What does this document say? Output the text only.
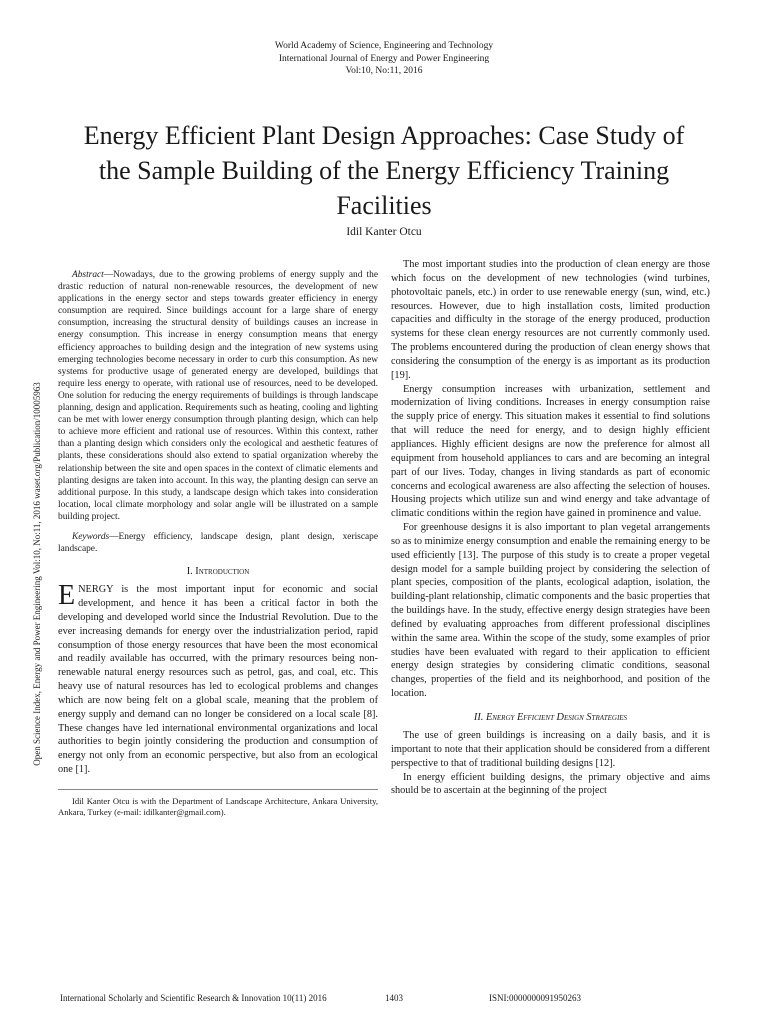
World Academy of Science, Engineering and Technology
International Journal of Energy and Power Engineering
Vol:10, No:11, 2016
Energy Efficient Plant Design Approaches: Case Study of the Sample Building of the Energy Efficiency Training Facilities
Idil Kanter Otcu
Open Science Index, Energy and Power Engineering Vol:10, No:11, 2016 waset.org/Publication/10005963

Abstract—Nowadays, due to the growing problems of energy supply and the drastic reduction of natural non-renewable resources, the development of new applications in the energy sector and steps towards greater efficiency in energy consumption are required. Since buildings account for a large share of energy consumption, increasing the structural density of buildings causes an increase in energy consumption. This increase in energy consumption means that energy efficiency approaches to building design and the integration of new systems using emerging technologies become necessary in order to curb this consumption. As new systems for productive usage of generated energy are developed, buildings that require less energy to operate, with rational use of resources, need to be developed. One solution for reducing the energy requirements of buildings is through landscape planning, design and application. Requirements such as heating, cooling and lighting can be met with lower energy consumption through planting design, which can help to achieve more efficient and rational use of resources. Within this context, rather than a planting design which considers only the ecological and aesthetic features of plants, these considerations should also extend to spatial organization whereby the relationship between the site and open spaces in the context of climatic elements and planting designs are taken into account. In this way, the planting design can serve an additional purpose. In this study, a landscape design which takes into consideration location, local climate morphology and solar angle will be illustrated on a sample building project.

Keywords—Energy efficiency, landscape design, plant design, xeriscape landscape.

I. Introduction

ENERGY is the most important input for economic and social development, and hence it has been a critical factor in both the developing and developed world since the Industrial Revolution. Due to the ever increasing demands for energy over the industrialization period, rapid consumption of those energy resources that have been the most economical and readily available has occurred, with the primary resources being non-renewable natural energy resources such as petrol, gas, and coal, etc. This heavy use of natural resources has led to ecological problems and changes which are now being felt on a global scale, meaning that the problem of energy supply and demand can no longer be considered on a local scale [8]. These changes have led international environmental organizations and local authorities to begin jointly considering the production and consumption of energy not only from an economic perspective, but also from an ecological one [1].

Idil Kanter Otcu is with the Department of Landscape Architecture, Ankara University, Ankara, Turkey (e-mail: idilkanter@gmail.com).

The most important studies into the production of clean energy are those which focus on the development of new technologies (wind turbines, photovoltaic panels, etc.) in order to use renewable energy (sun, wind, etc.) resources. However, due to high installation costs, limited production capacities and difficulty in the storage of the energy produced, production systems for these clean energy resources are not currently commonly used. The problems encountered during the production of clean energy shows that considering the consumption of the energy is as important as its production [19].

Energy consumption increases with urbanization, settlement and modernization of living conditions. Increases in energy consumption raise the supply price of energy. This situation makes it essential to find solutions that will reduce the need for energy, and to design highly efficient appliances. Highly efficient designs are now the preference for almost all equipment from household appliances to cars and are becoming an integral part of our lives. Today, changes in living standards as part of economic concerns and ecological awareness are also affecting the selection of houses. Housing projects which utilize sun and wind energy and take advantage of climatic conditions within the region have gained in prominence and value.

For greenhouse designs it is also important to plan vegetal arrangements so as to minimize energy consumption and enable the remaining energy to be used efficiently [13]. The purpose of this study is to create a proper vegetal design model for a sample building project by considering the selection of plant species, composition of the plants, ecological adaption, isolation, the building-plant relationship, climatic components and the basic properties that the buildings have. In the study, effective energy design strategies have been defined by evaluating approaches from different professional disciplines within the same area. Within the scope of the study, some examples of prior studies have been evaluated with regard to their application to efficient energy design strategies by considering climatic conditions, seasonal changes, properties of the field and its neighborhood, and position of the location.

II. Energy Efficient Design Strategies

The use of green buildings is increasing on a daily basis, and it is important to note that their application should be considered from a different perspective to that of traditional building designs [12].

In energy efficient building designs, the primary objective and aims should be to ascertain at the beginning of the project

International Scholarly and Scientific Research & Innovation 10(11) 2016	1403	ISNI:0000000091950263
